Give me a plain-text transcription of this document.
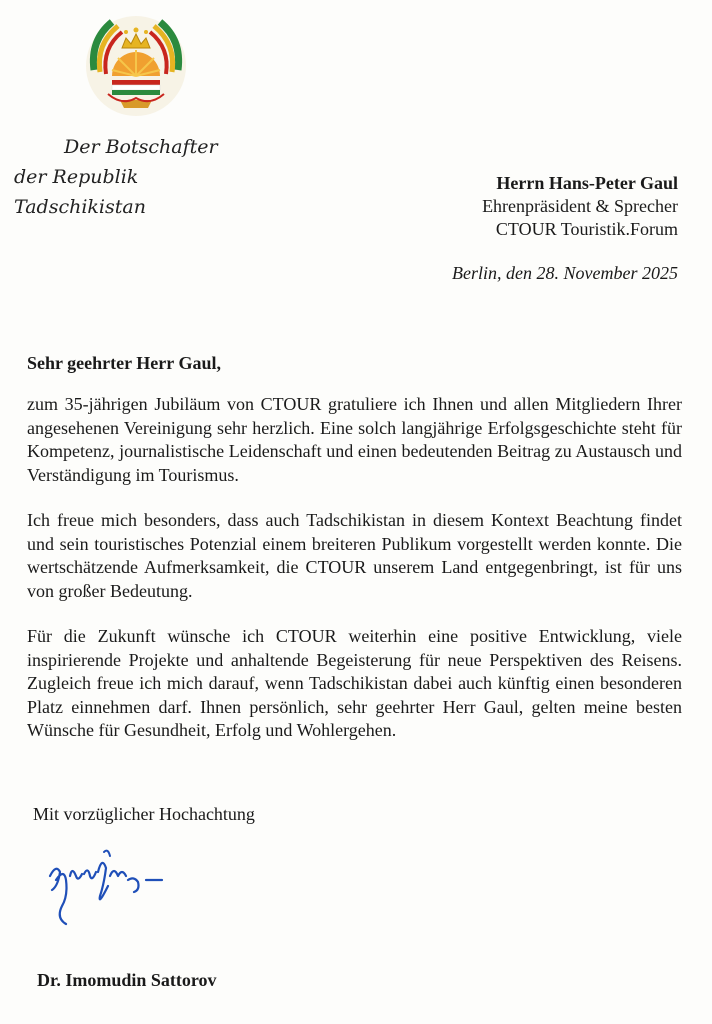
Der Botschafter
der Republik Tadschikistan
Herrn Hans-Peter Gaul
Ehrenpräsident & Sprecher
CTOUR Touristik.Forum
Berlin, den 28. November 2025
Sehr geehrter Herr Gaul,

zum 35-jährigen Jubiläum von CTOUR gratuliere ich Ihnen und allen Mitgliedern Ihrer angesehenen Vereinigung sehr herzlich. Eine solch langjährige Erfolgsgeschichte steht für Kompetenz, journalistische Leidenschaft und einen bedeutenden Beitrag zu Austausch und Verständigung im Tourismus.

Ich freue mich besonders, dass auch Tadschikistan in diesem Kontext Beachtung findet und sein touristisches Potenzial einem breiteren Publikum vorgestellt werden konnte. Die wertschätzende Aufmerksamkeit, die CTOUR unserem Land entgegenbringt, ist für uns von großer Bedeutung.

Für die Zukunft wünsche ich CTOUR weiterhin eine positive Entwicklung, viele inspirierende Projekte und anhaltende Begeisterung für neue Perspektiven des Reisens. Zugleich freue ich mich darauf, wenn Tadschikistan dabei auch künftig einen besonderen Platz einnehmen darf. Ihnen persönlich, sehr geehrter Herr Gaul, gelten meine besten Wünsche für Gesundheit, Erfolg und Wohlergehen.

Mit vorzüglicher Hochachtung
Dr. Imomudin Sattorov
